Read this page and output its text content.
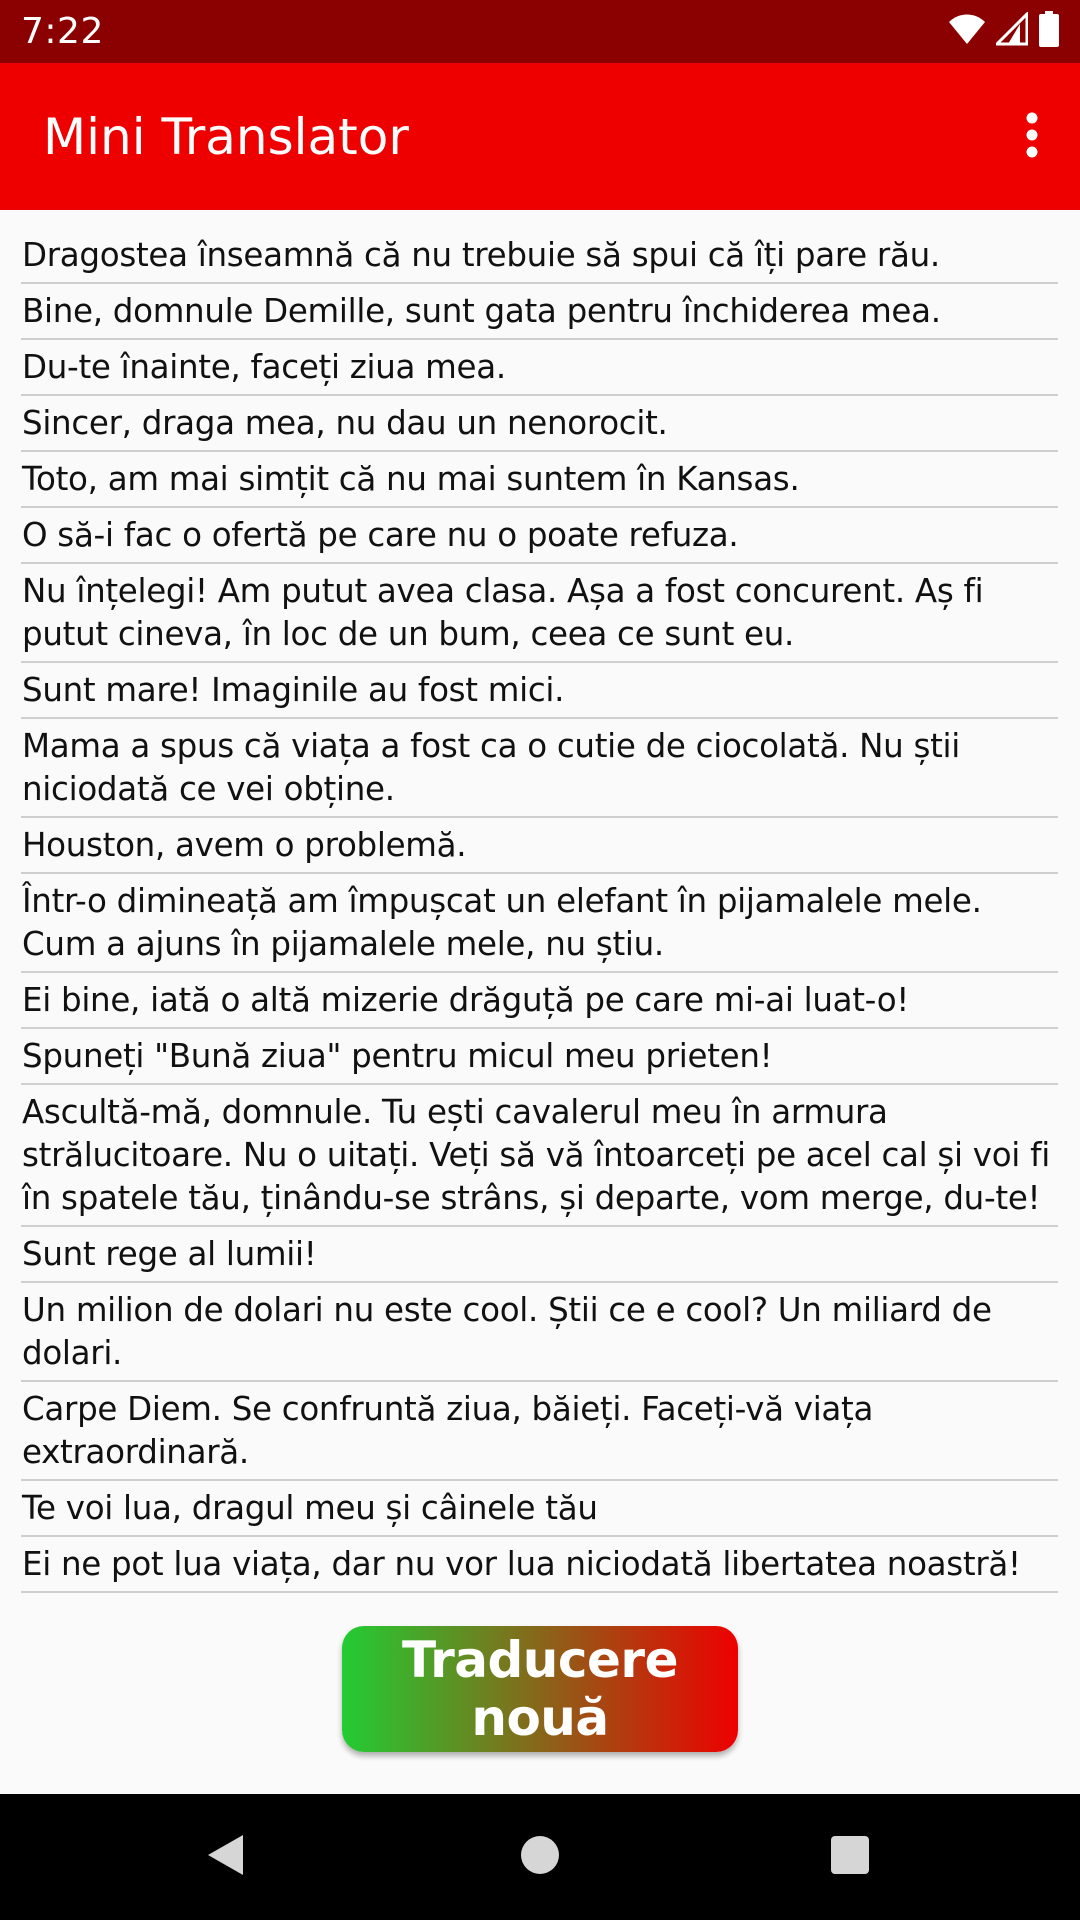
7:22
Mini Translator
Dragostea înseamnă că nu trebuie să spui că îți pare rău.
Bine, domnule Demille, sunt gata pentru închiderea mea.
Du-te înainte, faceți ziua mea.
Sincer, draga mea, nu dau un nenorocit.
Toto, am mai simțit că nu mai suntem în Kansas.
O să-i fac o ofertă pe care nu o poate refuza.
Nu înțelegi! Am putut avea clasa. Așa a fost concurent. Aș fi putut cineva, în loc de un bum, ceea ce sunt eu.
Sunt mare! Imaginile au fost mici.
Mama a spus că viața a fost ca o cutie de ciocolată. Nu știi niciodată ce vei obține.
Houston, avem o problemă.
Într-o dimineață am împușcat un elefant în pijamalele mele. Cum a ajuns în pijamalele mele, nu știu.
Ei bine, iată o altă mizerie drăguță pe care mi-ai luat-o!
Spuneți "Bună ziua" pentru micul meu prieten!
Ascultă-mă, domnule. Tu ești cavalerul meu în armura strălucitoare. Nu o uitați. Veți să vă întoarceți pe acel cal și voi fi în spatele tău, ținându-se strâns, și departe, vom merge, du-te!
Sunt rege al lumii!
Un milion de dolari nu este cool. Știi ce e cool? Un miliard de dolari.
Carpe Diem. Se confruntă ziua, băieți. Faceți-vă viața extraordinară.
Te voi lua, dragul meu și câinele tău
Ei ne pot lua viața, dar nu vor lua niciodată libertatea noastră!
Traducere nouă
